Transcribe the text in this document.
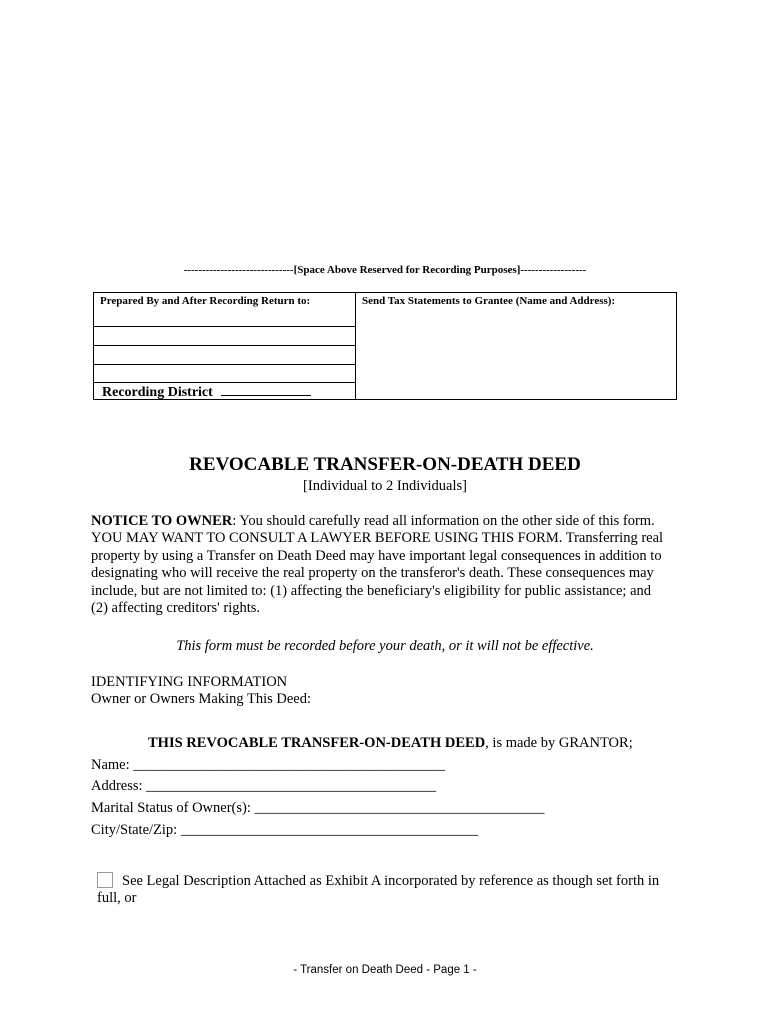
------------------------------[Space Above Reserved for Recording Purposes]------------------
Prepared By and After Recording Return to:
Recording District
Send Tax Statements to Grantee (Name and Address):
REVOCABLE TRANSFER-ON-DEATH DEED
[Individual to 2 Individuals]
NOTICE TO OWNER: You should carefully read all information on the other side of this form. YOU MAY WANT TO CONSULT A LAWYER BEFORE USING THIS FORM. Transferring real property by using a Transfer on Death Deed may have important legal consequences in addition to designating who will receive the real property on the transferor's death. These consequences may include, but are not limited to: (1) affecting the beneficiary's eligibility for public assistance; and (2) affecting creditors' rights.
This form must be recorded before your death, or it will not be effective.
IDENTIFYING INFORMATION
Owner or Owners Making This Deed:
THIS REVOCABLE TRANSFER-ON-DEATH DEED, is made by GRANTOR;
Name: ___________________________________________
Address: ________________________________________
Marital Status of Owner(s): ________________________________________
City/State/Zip: _________________________________________
See Legal Description Attached as Exhibit A incorporated by reference as though set forth in full, or
- Transfer on Death Deed - Page 1 -
